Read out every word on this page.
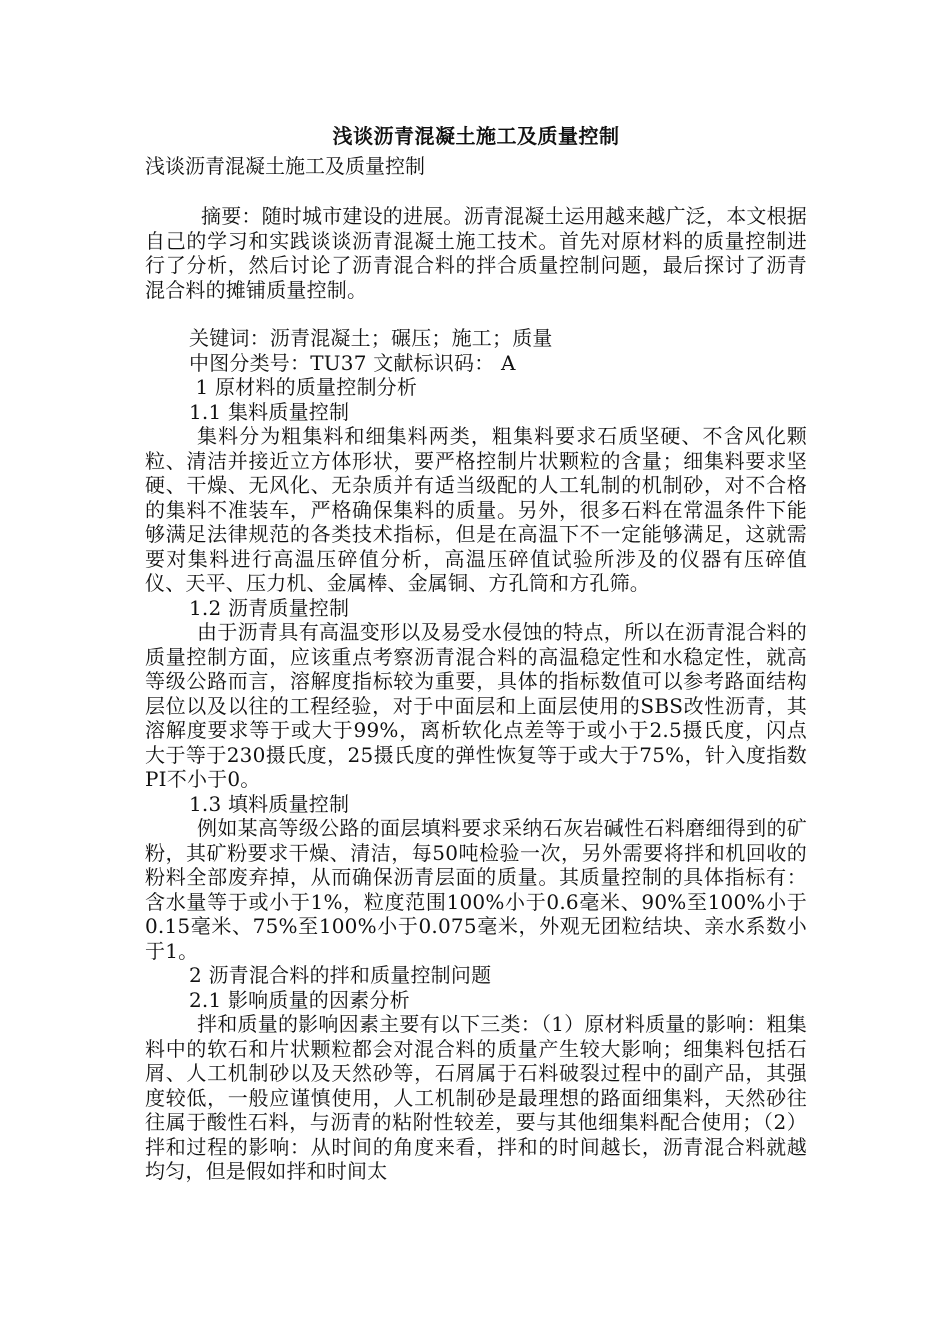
浅谈沥青混凝土施工及质量控制
浅谈沥青混凝土施工及质量控制

摘要：随时城市建设的进展。沥青混凝土运用越来越广泛，本文根据自己的学习和实践谈谈沥青混凝土施工技术。首先对原材料的质量控制进行了分析，然后讨论了沥青混合料的拌合质量控制问题，最后探讨了沥青混合料的摊铺质量控制。

关键词：沥青混凝土；碾压；施工；质量

中图分类号：TU37 文献标识码： A

1 原材料的质量控制分析

1.1 集料质量控制

集料分为粗集料和细集料两类，粗集料要求石质坚硬、不含风化颗粒、清洁并接近立方体形状，要严格控制片状颗粒的含量；细集料要求坚硬、干燥、无风化、无杂质并有适当级配的人工轧制的机制砂，对不合格的集料不准装车，严格确保集料的质量。另外，很多石料在常温条件下能够满足法律规范的各类技术指标，但是在高温下不一定能够满足，这就需要对集料进行高温压碎值分析，高温压碎值试验所涉及的仪器有压碎值仪、天平、压力机、金属棒、金属铜、方孔筒和方孔筛。

1.2 沥青质量控制

由于沥青具有高温变形以及易受水侵蚀的特点，所以在沥青混合料的质量控制方面，应该重点考察沥青混合料的高温稳定性和水稳定性，就高等级公路而言，溶解度指标较为重要，具体的指标数值可以参考路面结构层位以及以往的工程经验，对于中面层和上面层使用的SBS改性沥青，其溶解度要求等于或大于99%，离析软化点差等于或小于2.5摄氏度，闪点大于等于230摄氏度，25摄氏度的弹性恢复等于或大于75%，针入度指数PI不小于0。

1.3 填料质量控制

例如某高等级公路的面层填料要求采纳石灰岩碱性石料磨细得到的矿粉，其矿粉要求干燥、清洁，每50吨检验一次，另外需要将拌和机回收的粉料全部废弃掉，从而确保沥青层面的质量。其质量控制的具体指标有：含水量等于或小于1%，粒度范围100%小于0.6毫米、90%至100%小于0.15毫米、75%至100%小于0.075毫米，外观无团粒结块、亲水系数小于1。

2 沥青混合料的拌和质量控制问题

2.1 影响质量的因素分析

拌和质量的影响因素主要有以下三类：（1）原材料质量的影响：粗集料中的软石和片状颗粒都会对混合料的质量产生较大影响；细集料包括石屑、人工机制砂以及天然砂等，石屑属于石料破裂过程中的副产品，其强度较低，一般应谨慎使用，人工机制砂是最理想的路面细集料，天然砂往往属于酸性石料，与沥青的粘附性较差，要与其他细集料配合使用；（2）拌和过程的影响：从时间的角度来看，拌和的时间越长，沥青混合料就越均匀，但是假如拌和时间太
